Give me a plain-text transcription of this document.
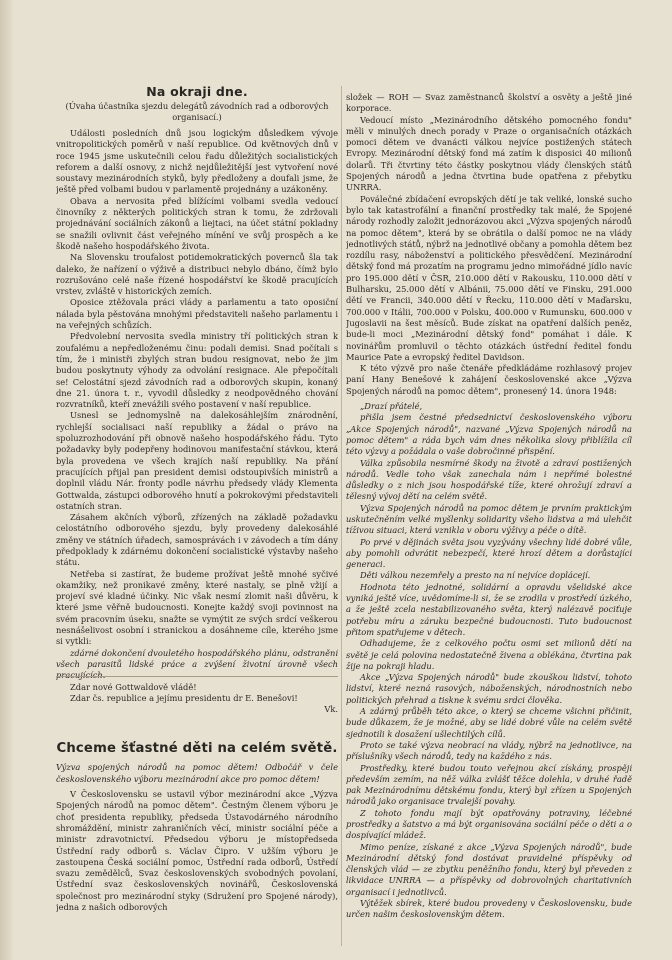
Na okraji dne.
(Úvaha účastníka sjezdu delegátů závodních rad a odborových organisací.)

Události posledních dnů jsou logickým důsledkem vývoje vnitropolitických poměrů v naší republice. Od květnových dnů v roce 1945 jsme uskutečnili celou řadu důležitých socialistických reforem a další osnovy, z nichž nejdůležitější jest vytvoření nové soustavy mezinárodních styků, byly předloženy a doufali jsme, že ještě před volbami budou v parlamentě projednány a uzákoněny.

Obava a nervosita před blížícími volbami svedla vedoucí činovníky z některých politických stran k tomu, že zdržovali projednávání sociálních zákonů a liejtaci, na účet státní pokladny se snažili ovlivnit část veřejného mínění ve svůj prospěch a ke škodě našeho hospodářského života.

Na Slovensku troufalost potidemokratických povernců šla tak daleko, že nařízení o výživě a distribuci nebylo dbáno, čímž bylo rozrušováno celé naše řízené hospodářství ke škodě pracujících vrstev, zvláště v historických zemích.

Oposice ztěžovala práci vlády a parlamentu a tato oposiční nálada byla pěstována mnohými představiteli našeho parlamentu i na veřejných schůzích.

Předvolební nervosita svedla ministry tří politických stran k zoufalému a nepředloženému činu: podali demisi. Snad počítali s tím, že i ministři zbylých stran budou resignovat, nebo že jim budou poskytnuty výhody za odvolání resignace. Ale přepočítali se! Celostátní sjezd závodních rad a odborových skupin, konaný dne 21. února t. r., vyvodil důsledky z neodpovědného chování rozvratníků, kteří znevážili svého postavení v naší republice.

Usnesl se jednomyslně na dalekosáhlejším znárodnění, rychlejší socialisaci naší republiky a žádal o právo na spoluzrozhodování při obnově našeho hospodářského řádu. Tyto požadavky byly podepřeny hodinovou manifestační stávkou, která byla provedena ve všech krajích naší republiky. Na přání pracujících přijal pan president demisi odstoupivších ministrů a doplnil vládu Nár. fronty podle návrhu předsedy vlády Klementa Gottwalda, zástupci odborového hnutí a pokrokovými představiteli ostatních stran.

Zásahem akčních výborů, zřízených na základě požadavku celostátního odborového sjezdu, byly provedeny dalekosáhlé změny ve státních úřadech, samosprávách i v závodech a tím dány předpoklady k zdárnému dokončení socialistické výstavby našeho státu.

Netřeba si zastírat, že budeme prožívat ještě mnohé syčivé okamžiky, než pronikavé změny, které nastaly, se plně vžijí a projeví své kladné účinky. Nic však nesmí zlomit naši důvěru, k které jsme věřně budoucnosti. Konejte každý svoji povinnost na svém pracovním úseku, snažte se vymýtit ze svých srdcí veškerou nesnášelivost osobní i stranickou a dosáhneme cíle, kterého jsme si vytkli:

zdárné dokončení dvouletého hospodářského plánu, odstranění všech parasitů lidské práce a zvýšení životní úrovně všech

Zdar nové Gottwaldově vládě!

Zdar čs. republice a jejímu presidentu dr E. Benešovi!

Vk.

Chceme šťastné děti na celém světě.

Výzva spojených národů na pomoc dětem! Odbočář v čele československého výboru mezinárodní akce pro pomoc dětem!

V Československu se ustavil výbor mezinárodní akce „Výzva Spojených národů na pomoc dětem". Čestným členem výboru je choť presidenta republiky, předseda Ústavodárného národního shromáždění, ministr zahraničních věcí, ministr sociální péče a ministr zdravotnictví. Předsedou výboru je místopředseda Ústřední rady odborů s. Václav Čipro. V užším výboru je zastoupena Česká sociální pomoc, Ústřední rada odborů, Ústředí svazu zemědělců, Svaz československých svobodných povolaní, Ústřední svaz československých novinářů, Československá společnost pro mezinárodní styky (Sdružení pro Spojené národy), jedna z našich odborových

složek — ROH — Svaz zaměstnanců školství a osvěty a ještě jiné korporace.

Vedoucí místo „Mezinárodního dětského pomocného fondu" měli v minulých dnech porady v Praze o organisačních otázkách pomoci dětem ve dvanácti válkou nejvíce postižených státech Evropy. Mezinárodní dětský fond má zatím k disposici 40 milionů dolarů. Tři čtvrtiny této částky poskytnou vlády členských států Spojených národů a jedna čtvrtina bude opatřena z přebytku UNRRA.

Poválečné zbídačení evropských dětí je tak veliké, lonské sucho bylo tak katastrofální a finanční prostředky tak malé, že Spojené národy rozhodly založit jednorázovou akci „Výzva spojených národů na pomoc dětem", která by se obrátila o další pomoc ne na vlády jednotlivých států, nýbrž na jednotlivé občany a pomohla dětem bez rozdílu rasy, náboženství a politického přesvědčení. Mezinárodní dětský fond má prozatím na programu jedno mimořádné jídlo navíc pro 195.000 dětí v ČSR, 210.000 dětí v Rakousku, 110.000 dětí v Bulharsku, 25.000 dětí v Albánii, 75.000 dětí ve Finsku, 291.000 dětí ve Francii, 340.000 dětí v Řecku, 110.000 dětí v Maďarsku, 700.000 v Itálii, 700.000 v Polsku, 400.000 v Rumunsku, 600.000 v Jugoslavii na šest měsíců. Bude získat na opatření dalších peněz, bude-li moci „Mezinárodní dětský fond" pomáhat i dále. K novinářům promluvil o těchto otázkách ústřední ředitel fondu Maurice Pate a evropský ředitel Davidson.

K této výzvě pro naše čtenáře předkládáme rozhlasový projev paní Hany Benešové k zahájení československé akce „Výzva Spojených národů na pomoc dětem", pronesený 14. února 1948:

„Drazí přátelé,

přišla jsem čestné předsednictví československého výboru „Akce Spojených národů", nazvané „Výzva Spojených národů na pomoc dětem" a ráda bych vám dnes několika slovy přiblížila cíl této výzvy a požádala o vaše dobročinné přispění.

Válka způsobila nesmírné škody na životě a zdraví postižených národů. Vedle toho však zanechala nám i nepřímé bolestné důsledky o z nich jsou hospodářské tíže, které ohrožují zdraví a tělesný vývoj dětí na celém světě.

Výzva Spojených národů na pomoc dětem je prvním praktickým uskutečněním velké myšlenky solidarity všeho lidstva a má ulehčit tíživou situaci, která vznikla v oboru výživy a péče o dítě.

Po prvé v dějinách světa jsou vyzývány všechny lidé dobré vůle, aby pomohli odvrátit nebezpečí, které hrozí dětem a dorůstající generaci.

Děti válkou nezemřely a presto na ní nejvíce doplácejí.

Hodnota této jednotné, solidární a opravdu všelidské akce vyniká ještě více, uvědomíme-li si, že se zrodila v prostředí úzkého, a že ještě zcela nestabilizovaného světa, který nalézavě pociťuje potřebu míru a záruku bezpečné budoucnosti. Tuto budoucnost přitom spatřujeme v dětech.

Odhadujeme, že z celkového počtu osmi set milionů dětí na světě je celá polovina nedostatečně živena a oblékána, čtvrtina pak žije na pokraji hladu.

Akce „Výzva Spojených národů" bude zkouškou lidství, tohoto lidství, které nezná rasových, náboženských, národnostních nebo politických přehrad a tiskne k svému srdci člověka.

A zdárný průběh této akce, o který se chceme všichni přičinit, bude důkazem, že je možné, aby se lidé dobré vůle na celém světě sjednotili k dosažení ušlechtilých cílů.

Proto se také výzva neobrací na vlády, nýbrž na jednotlivce, na příslušníky všech národů, tedy na každého z nás.

Prostředky, které budou touto veřejnou akcí získány, prospějí především zemím, na něž válka zvlášť těžce dolehla, v druhé řadě pak Mezinárodnímu dětskému fondu, který byl zřízen u Spojených národů jako organisace trvalejší povahy.

Z tohoto fondu mají být opatřovány potraviny, léčebné prostředky a šatstvo a má být organisována sociální péče o děti a o dospívající mládež.

Mimo peníze, získané z akce „Výzva Spojených národů", bude Mezinárodní dětský fond dostávat pravidelné příspěvky od členských vlád — ze zbytku peněžního fondu, který byl převeden z likvidace UNRRA — a příspěvky od dobrovolných charitativních organisací i jednotlivců.

Výtěžek sbírek, které budou provedeny v Československu, bude určen našim československým dětem.
